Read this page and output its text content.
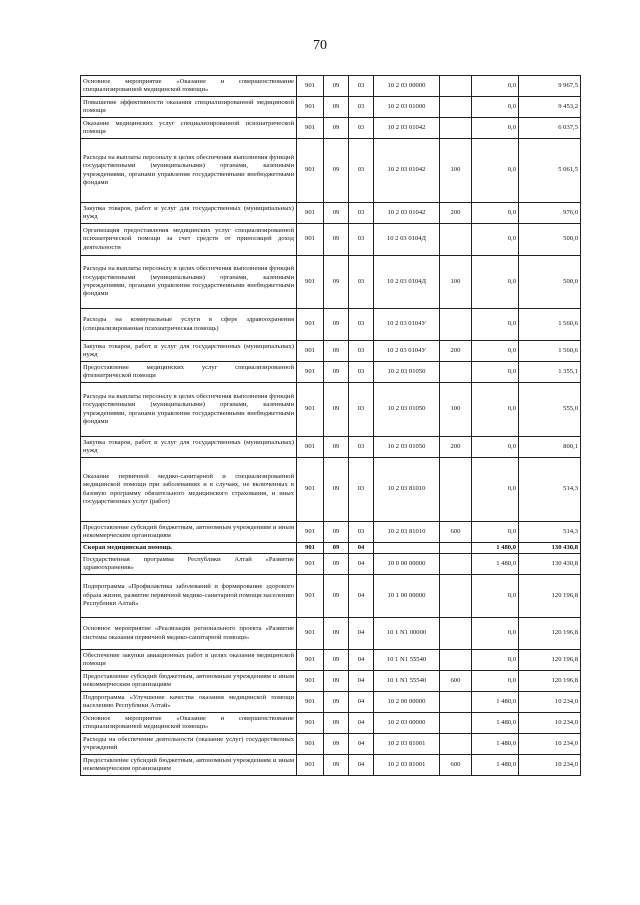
70
Основное мероприятие «Оказание и совершенствование специализированной медицинской помощи»	901	09	03	10 2 03 00000		0,0	9 967,5
Повышение эффективности оказания специализированной медицинской помощи	901	09	03	10 2 03 01000		0,0	9 453,2
Оказание медицинских услуг специализированной психиатрической помощи	901	09	03	10 2 03 01042		0,0	6 037,5
Расходы на выплаты персоналу в целях обеспечения выполнения функций государственными (муниципальными) органами, казенными учреждениями, органами управления государственными внебюджетными фондами	901	09	03	10 2 03 01042	100	0,0	5 061,5
Закупка товаров, работ и услуг для государственных (муниципальных) нужд	901	09	03	10 2 03 01042	200	0,0	976,0
Организация предоставления медицинских услуг специализированной психиатрической помощи за счет средств от приносящей доход деятельности	901	09	03	10 2 03 0104Д		0,0	500,0
Расходы на выплаты персоналу в целях обеспечения выполнения функций государственными (муниципальными) органами, казенными учреждениями, органами управления государственными внебюджетными фондами	901	09	03	10 2 03 0104Д	100	0,0	500,0
Расходы на коммунальные услуги в сфере здравоохранения (специализированная психиатрическая помощь)	901	09	03	10 2 03 0104У		0,0	1 560,6
Закупка товаров, работ и услуг для государственных (муниципальных) нужд	901	09	03	10 2 03 0104У	200	0,0	1 560,6
Предоставление медицинских услуг специализированной фтизиатрической помощи	901	09	03	10 2 03 01050		0,0	1 355,1
Расходы на выплаты персоналу в целях обеспечения выполнения функций государственными (муниципальными) органами, казенными учреждениями, органами управления государственными внебюджетными фондами	901	09	03	10 2 03 01050	100	0,0	555,0
Закупка товаров, работ и услуг для государственных (муниципальных) нужд	901	09	03	10 2 03 01050	200	0,0	800,1
Оказание первичной медико-санитарной и специализированной медицинской помощи при заболеваниях и в случаях, не включенных в базовую программу обязательного медицинского страхования, и иных государственных услуг (работ)	901	09	03	10 2 03 81010		0,0	514,3
Предоставление субсидий бюджетным, автономным учреждениям и иным некоммерческим организациям	901	09	03	10 2 03 81010	600	0,0	514,3
Скорая медицинская помощь	901	09	04			1 480,0	130 430,8
Государственная программа Республики Алтай «Развитие здравоохранения»	901	09	04	10 0 00 00000		1 480,0	130 430,8
Подпрограмма «Профилактика заболеваний и формирование здорового образа жизни, развитие первичной медико-санитарной помощи населению Республики Алтай»	901	09	04	10 1 00 00000		0,0	120 196,8
Основное мероприятие «Реализация регионального проекта «Развитие системы оказания первичной медико-санитарной помощи»	901	09	04	10 1 N1 00000		0,0	120 196,8
Обеспечение закупки авиационных работ в целях оказания медицинской помощи	901	09	04	10 1 N1 55540		0,0	120 196,8
Предоставление субсидий бюджетным, автономным учреждениям и иным некоммерческим организациям	901	09	04	10 1 N1 55540	600	0,0	120 196,8
Подпрограмма «Улучшение качества оказания медицинской помощи населению Республики Алтай»	901	09	04	10 2 00 00000		1 480,0	10 234,0
Основное мероприятие «Оказание и совершенствование специализированной медицинской помощи»	901	09	04	10 2 03 00000		1 480,0	10 234,0
Расходы на обеспечение деятельности (оказание услуг) государственных учреждений	901	09	04	10 2 03 81001		1 480,0	10 234,0
Предоставление субсидий бюджетным, автономным учреждениям и иным некоммерческим организациям	901	09	04	10 2 03 81001	600	1 480,0	10 234,0
